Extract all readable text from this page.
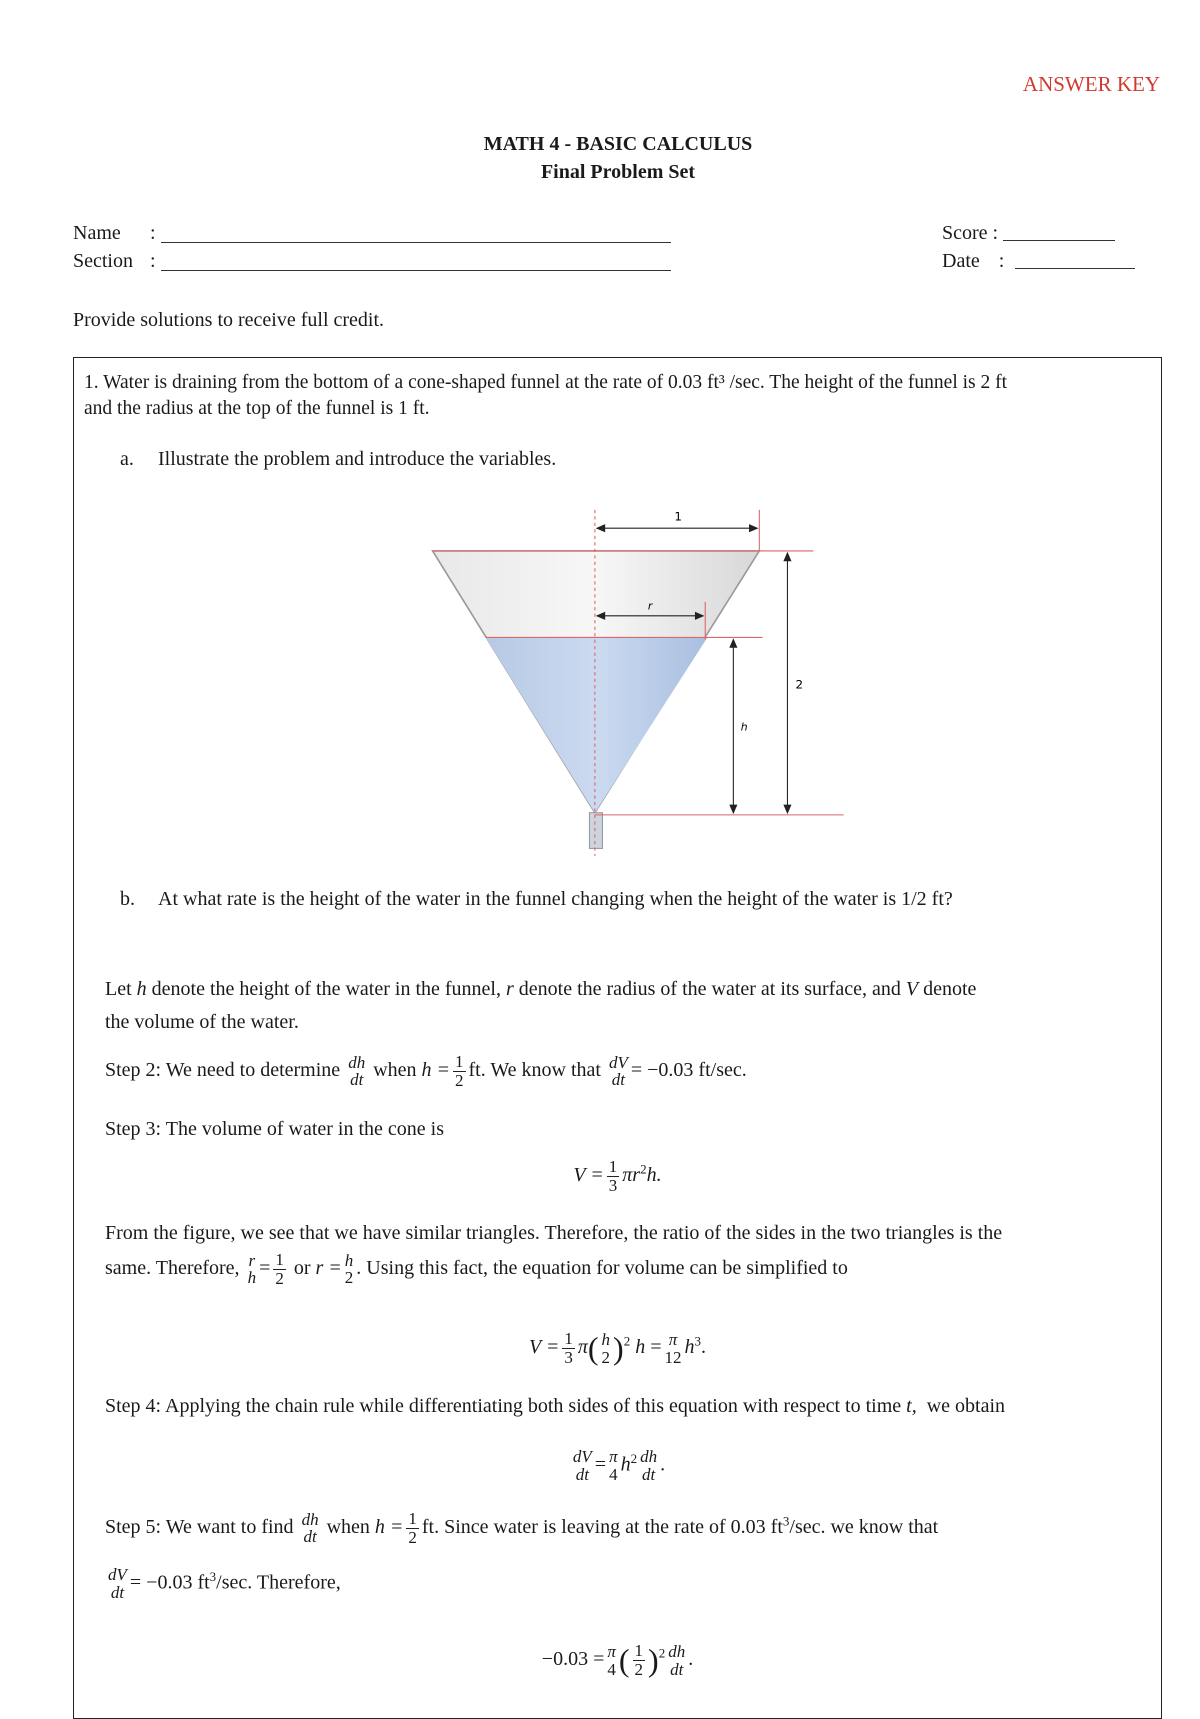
ANSWER KEY
MATH 4 - BASIC CALCULUS
Final Problem Set
Name :
Section :
Score :
Date :
Provide solutions to receive full credit.
1. Water is draining from the bottom of a cone-shaped funnel at the rate of 0.03 ft³ /sec. The height of the funnel is 2 ft
and the radius at the top of the funnel is 1 ft.
a. Illustrate the problem and introduce the variables.
1
r
h
2
b. At what rate is the height of the water in the funnel changing when the height of the water is 1/2 ft?
Let h denote the height of the water in the funnel, r denote the radius of the water at its surface, and V denote
the volume of the water.
Step 2: We need to determine dh
dt when $h = \frac{1}{2}$ ft. We know that dV
dt = −0.03 ft/sec.
Step 3: The volume of water in the cone is
$V = \frac{1}{3} \pi r^2h$.
From the figure, we see that we have similar triangles. Therefore, the ratio of the sides in the two triangles is the
same. Therefore, r
$h = \frac{1}{2}$ or r = h
2 . Using this fact, the equation for volume can be simplified to
$V = \frac{1}{3} \pi$( h
2 )$^2$ h = π
12 $h^3$.
Step 4: Applying the chain rule while differentiating both sides of this equation with respect to time t, we obtain
dV
dt = π
4 $h^2$ dh
dt .
Step 5: We want to find dh
dt when $h = \frac{1}{2}$ ft. Since water is leaving at the rate of 0.03 $ft^3/\sec$. we know that
dV
dt = −0.03 $ft^3/\sec$. Therefore,
−0.03 = π
4 ( $\frac{1}{2} )^2$ dh
dt .
